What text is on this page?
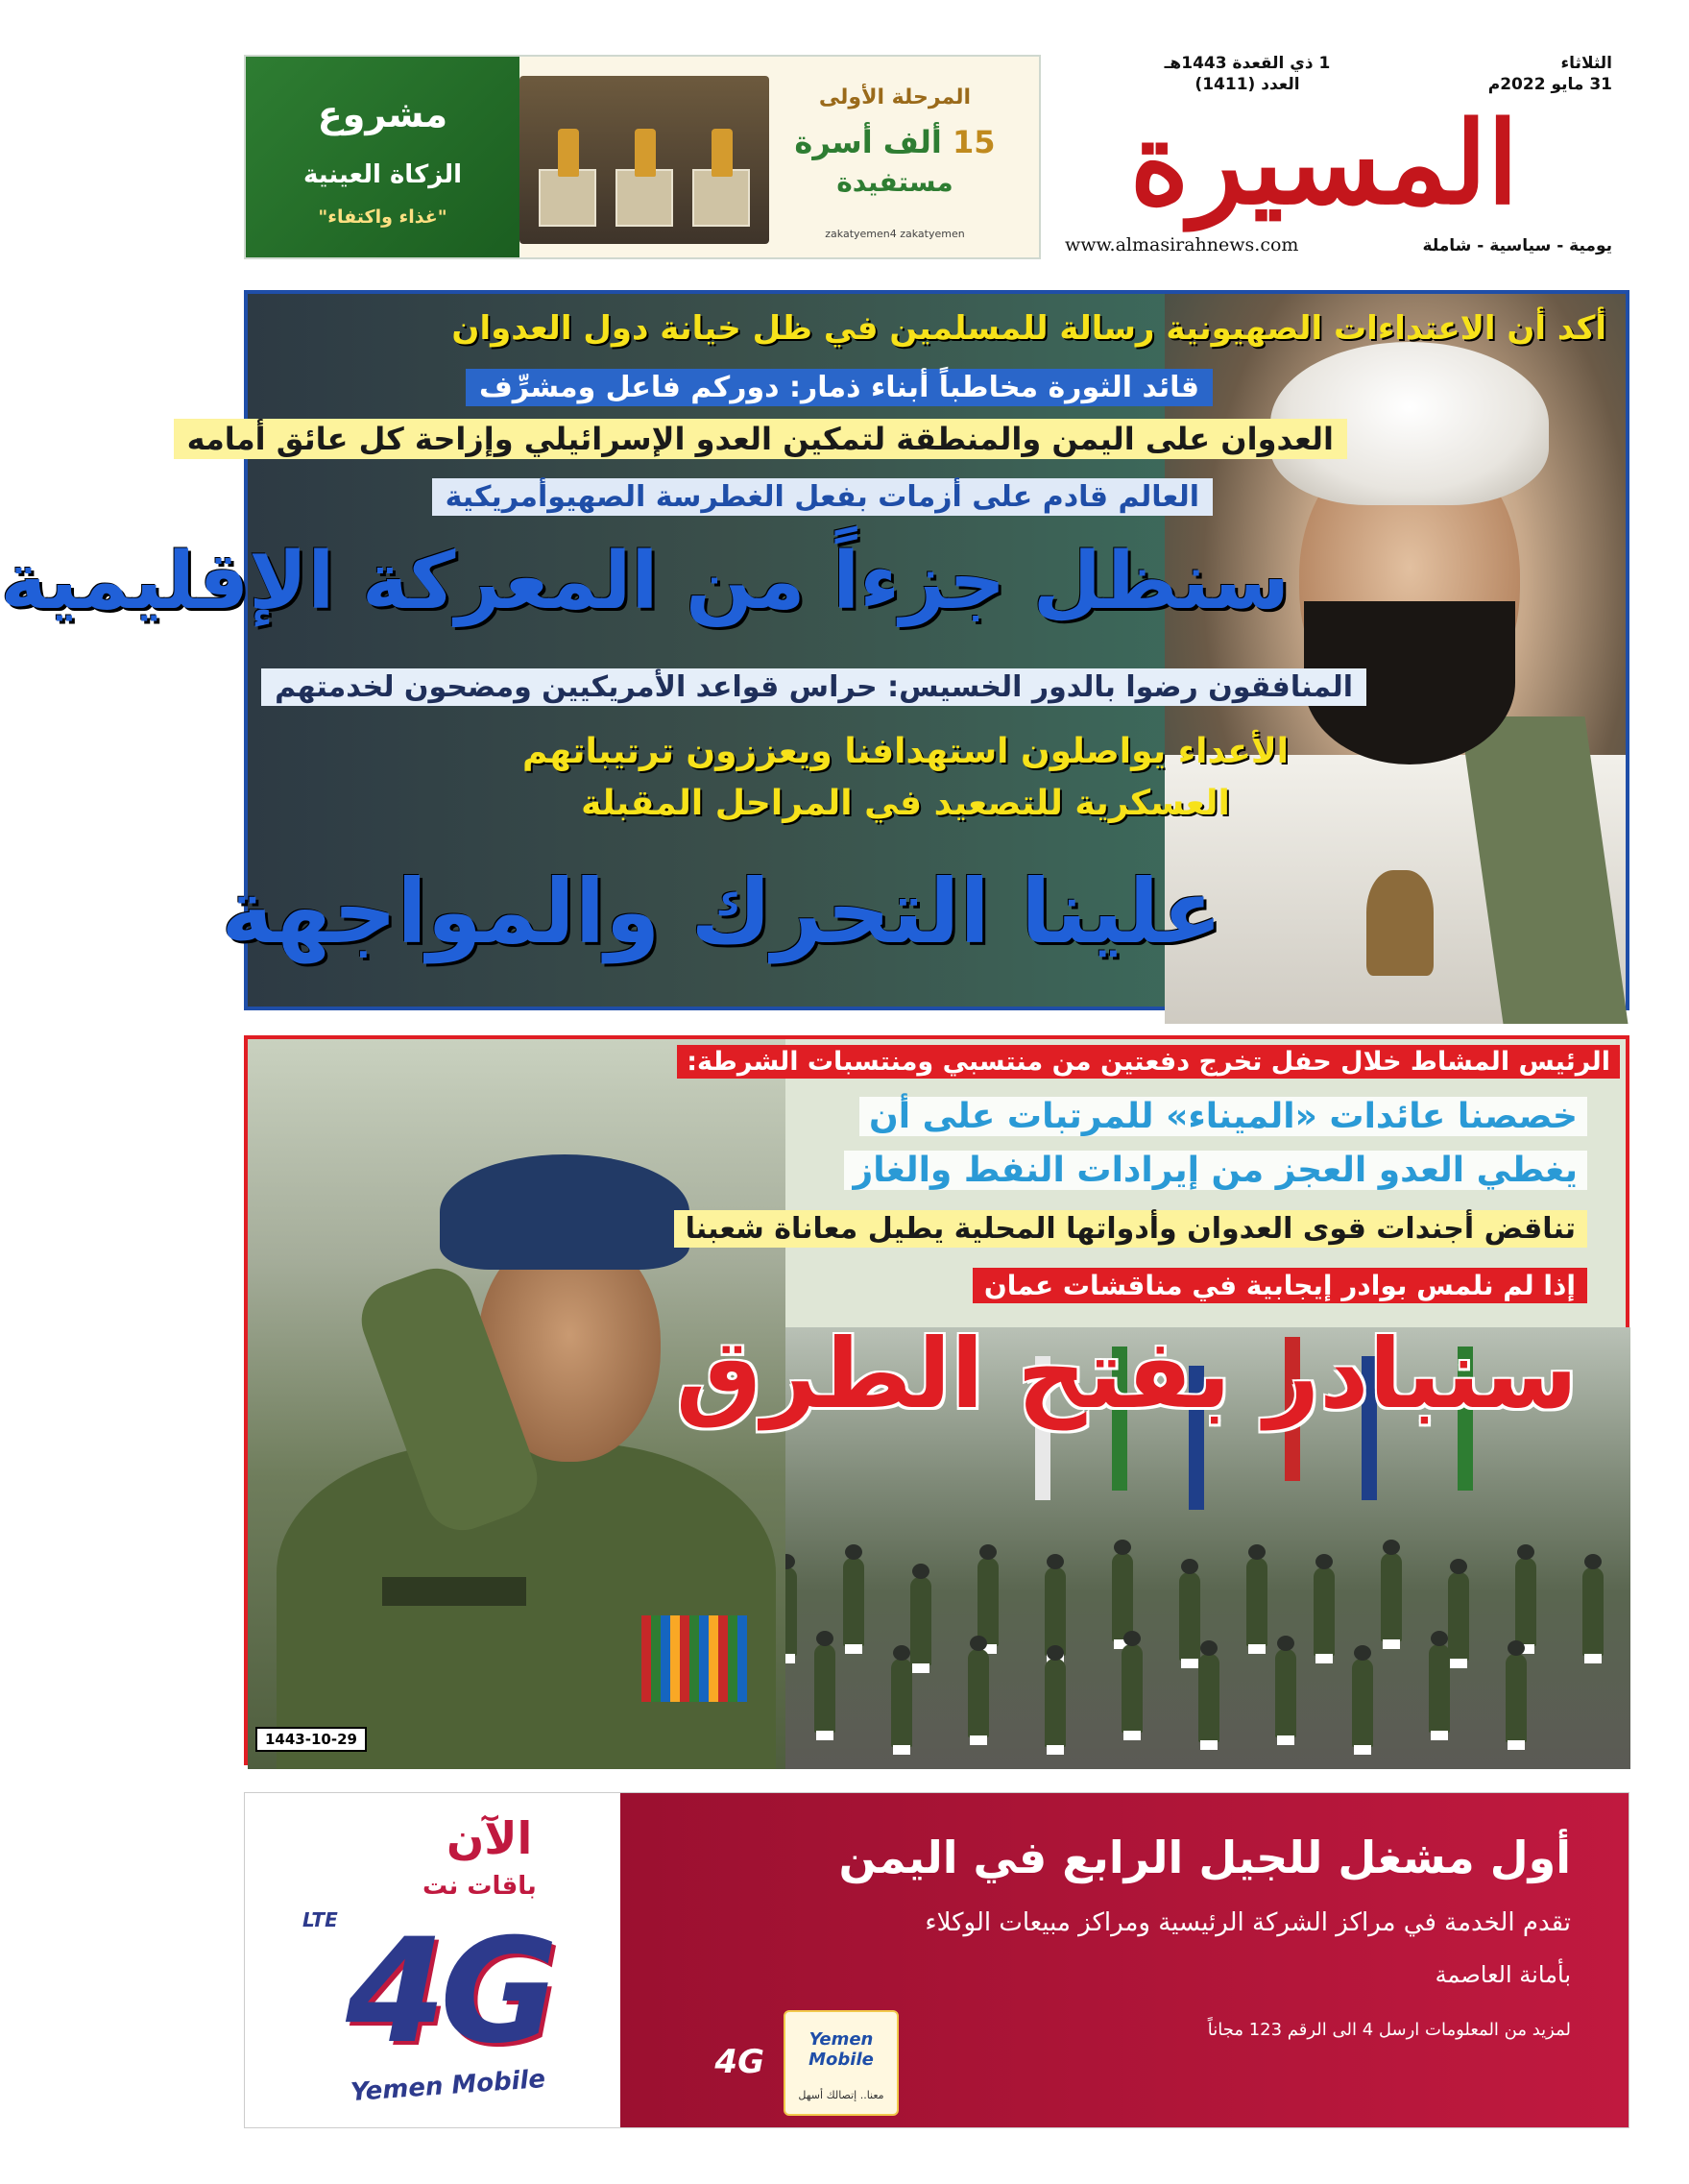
الثلاثاء
31 مايو 2022م
1 ذي القعدة 1443هـ
العدد (1411)
المسيرة
يومية - سياسية - شاملة
www.almasirahnews.com
المرحلة الأولى
15 ألف أسرة
مستفيدة
zakatyemen4 zakatyemen
مشروع
الزكاة العينية
"غذاء واكتفاء"
أكد أن الاعتداءات الصهيونية رسالة للمسلمين في ظل خيانة دول العدوان
قائد الثورة مخاطباً أبناء ذمار: دوركم فاعل ومشرِّف
العدوان على اليمن والمنطقة لتمكين العدو الإسرائيلي وإزاحة كل عائق أمامه
العالم قادم على أزمات بفعل الغطرسة الصهيوأمريكية
سنظل جزءاً من المعركة الإقليمية
المنافقون رضوا بالدور الخسيس: حراس قواعد الأمريكيين ومضحون لخدمتهم
الأعداء يواصلون استهدافنا ويعززون ترتيباتهم
العسكرية للتصعيد في المراحل المقبلة
علينا التحرك والمواجهة
1443-10-29
الرئيس المشاط خلال حفل تخرج دفعتين من منتسبي ومنتسبات الشرطة:
خصصنا عائدات «الميناء» للمرتبات على أن
يغطي العدو العجز من إيرادات النفط والغاز
تناقض أجندات قوى العدوان وأدواتها المحلية يطيل معاناة شعبنا
إذا لم نلمس بوادر إيجابية في مناقشات عمان
سنبادر بفتح الطرق
أول مشغل للجيل الرابع في اليمن
تقدم الخدمة في مراكز الشركة الرئيسية ومراكز مبيعات الوكلاء
بأمانة العاصمة
لمزيد من المعلومات ارسل 4 الى الرقم 123 مجاناً
4G
Yemen Mobile
معنا.. إتصالك أسهل
الآن
باقات نت
4G
LTE
Yemen Mobile
